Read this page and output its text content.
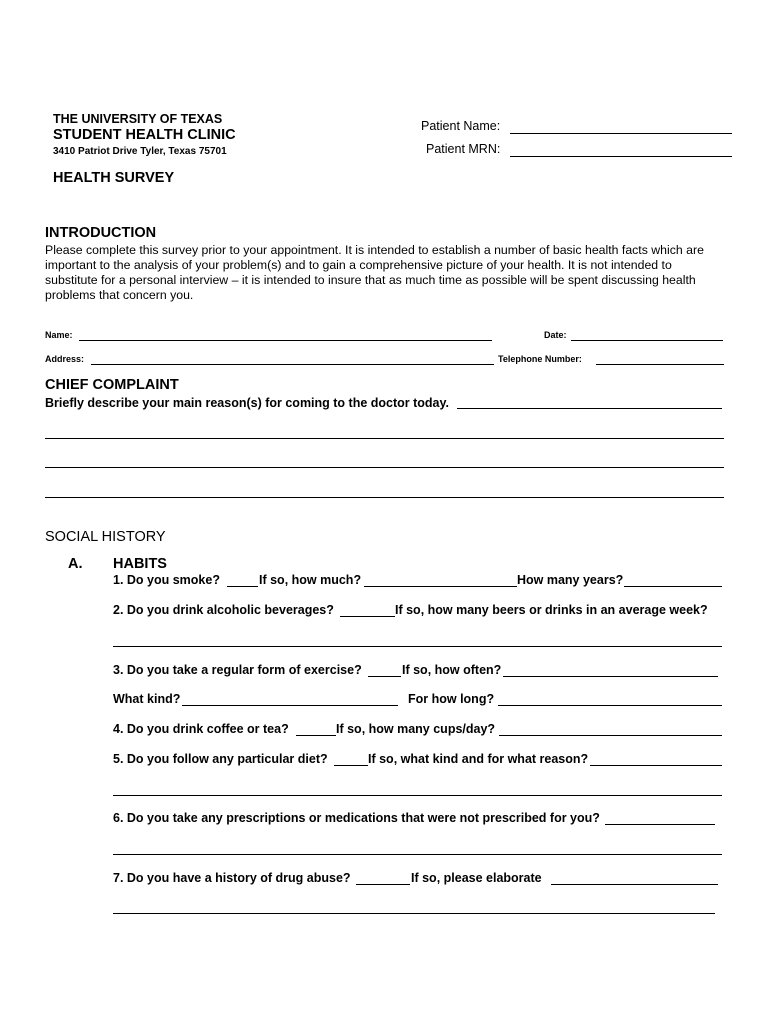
THE UNIVERSITY OF TEXAS
STUDENT HEALTH CLINIC
3410 Patriot Drive Tyler, Texas 75701
Patient Name:
Patient MRN:
HEALTH SURVEY
INTRODUCTION
Please complete this survey prior to your appointment. It is intended to establish a number of basic health facts which are important to the analysis of your problem(s) and to gain a comprehensive picture of your health. It is not intended to substitute for a personal interview – it is intended to insure that as much time as possible will be spent discussing health problems that concern you.
Name:	Date:
Address:	Telephone Number:
CHIEF COMPLAINT
Briefly describe your main reason(s) for coming to the doctor today.
SOCIAL HISTORY
A. HABITS
1. Do you smoke?	If so, how much?	How many years?
2. Do you drink alcoholic beverages?	If so, how many beers or drinks in an average week?
3. Do you take a regular form of exercise?	If so, how often?
What kind?	For how long?
4. Do you drink coffee or tea?	If so, how many cups/day?
5. Do you follow any particular diet?	If so, what kind and for what reason?
6. Do you take any prescriptions or medications that were not prescribed for you?
7. Do you have a history of drug abuse?	If so, please elaborate
